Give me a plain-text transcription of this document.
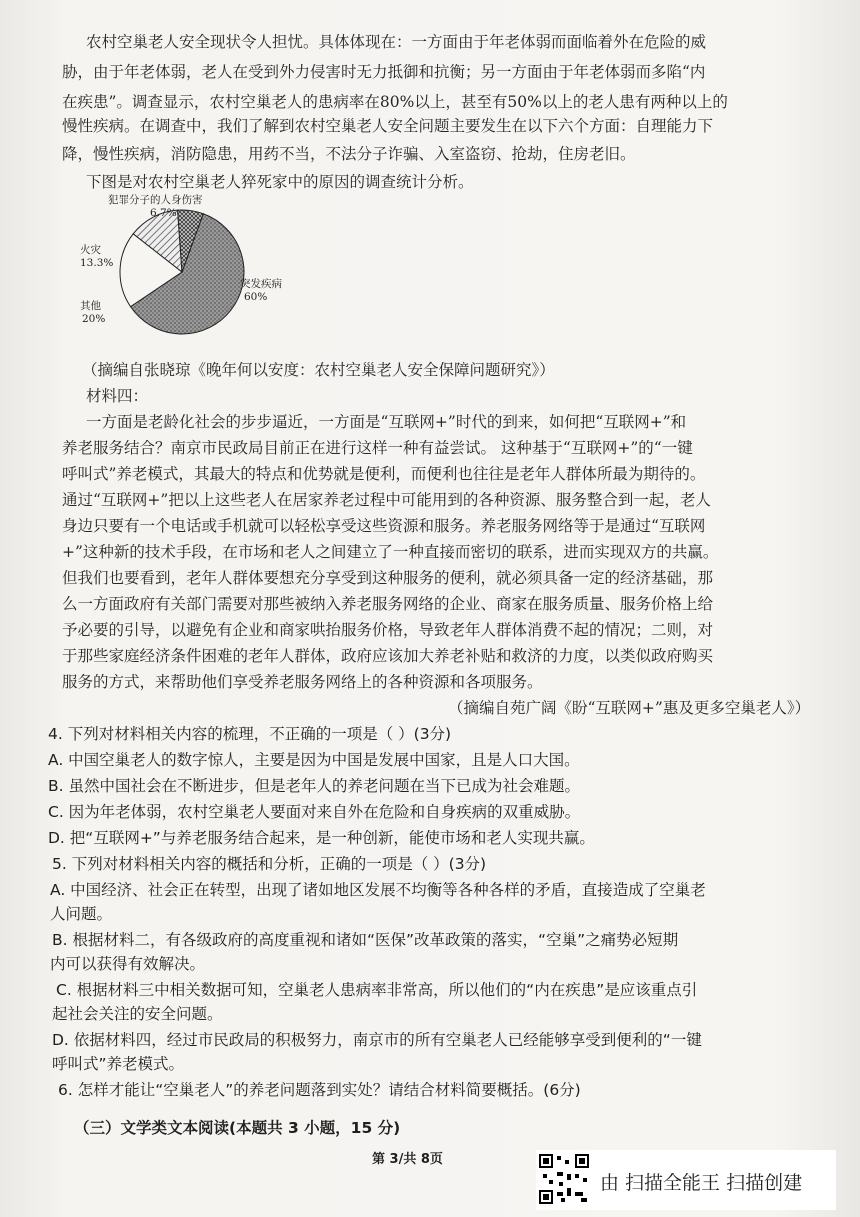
农村空巢老人安全现状令人担忧。具体体现在：一方面由于年老体弱而面临着外在危险的威
胁，由于年老体弱，老人在受到外力侵害时无力抵御和抗衡；另一方面由于年老体弱而多陷“内
在疾患”。调查显示，农村空巢老人的患病率在80%以上，甚至有50%以上的老人患有两种以上的
慢性疾病。在调查中，我们了解到农村空巢老人安全问题主要发生在以下六个方面：自理能力下
降，慢性疾病，消防隐患，用药不当，不法分子诈骗、入室盗窃、抢劫，住房老旧。
下图是对农村空巢老人猝死家中的原因的调查统计分析。
犯罪分子的人身伤害
6.7%
火灾
13.3%
其他
20%
突发疾病
60%
（摘编自张晓琼《晚年何以安度：农村空巢老人安全保障问题研究》）
材料四：
一方面是老龄化社会的步步逼近，一方面是“互联网+”时代的到来，如何把“互联网+”和
养老服务结合？南京市民政局目前正在进行这样一种有益尝试。 这种基于“互联网+”的“一键
呼叫式”养老模式，其最大的特点和优势就是便利，而便利也往往是老年人群体所最为期待的。
通过“互联网+”把以上这些老人在居家养老过程中可能用到的各种资源、服务整合到一起，老人
身边只要有一个电话或手机就可以轻松享受这些资源和服务。养老服务网络等于是通过“互联网
+”这种新的技术手段，在市场和老人之间建立了一种直接而密切的联系，进而实现双方的共赢。
但我们也要看到，老年人群体要想充分享受到这种服务的便利，就必须具备一定的经济基础，那
么一方面政府有关部门需要对那些被纳入养老服务网络的企业、商家在服务质量、服务价格上给
予必要的引导，以避免有企业和商家哄抬服务价格，导致老年人群体消费不起的情况；二则，对
于那些家庭经济条件困难的老年人群体，政府应该加大养老补贴和救济的力度，以类似政府购买
服务的方式，来帮助他们享受养老服务网络上的各种资源和各项服务。
（摘编自苑广阔《盼“互联网+”惠及更多空巢老人》）
4. 下列对材料相关内容的梳理，不正确的一项是（ ）(3分)
A. 中国空巢老人的数字惊人，主要是因为中国是发展中国家，且是人口大国。
B. 虽然中国社会在不断进步，但是老年人的养老问题在当下已成为社会难题。
C. 因为年老体弱，农村空巢老人要面对来自外在危险和自身疾病的双重威胁。
D. 把“互联网+”与养老服务结合起来，是一种创新，能使市场和老人实现共赢。
5. 下列对材料相关内容的概括和分析，正确的一项是（ ）(3分)
A. 中国经济、社会正在转型，出现了诸如地区发展不均衡等各种各样的矛盾，直接造成了空巢老
人问题。
B. 根据材料二，有各级政府的高度重视和诸如“医保”改革政策的落实，“空巢”之痛势必短期
内可以获得有效解决。
C. 根据材料三中相关数据可知，空巢老人患病率非常高，所以他们的“内在疾患”是应该重点引
起社会关注的安全问题。
D. 依据材料四，经过市民政局的积极努力，南京市的所有空巢老人已经能够享受到便利的“一键
呼叫式”养老模式。
6. 怎样才能让“空巢老人”的养老问题落到实处？请结合材料简要概括。(6分)
（三）文学类文本阅读(本题共 3 小题，15 分)
第 3/共 8页
由 扫描全能王 扫描创建
